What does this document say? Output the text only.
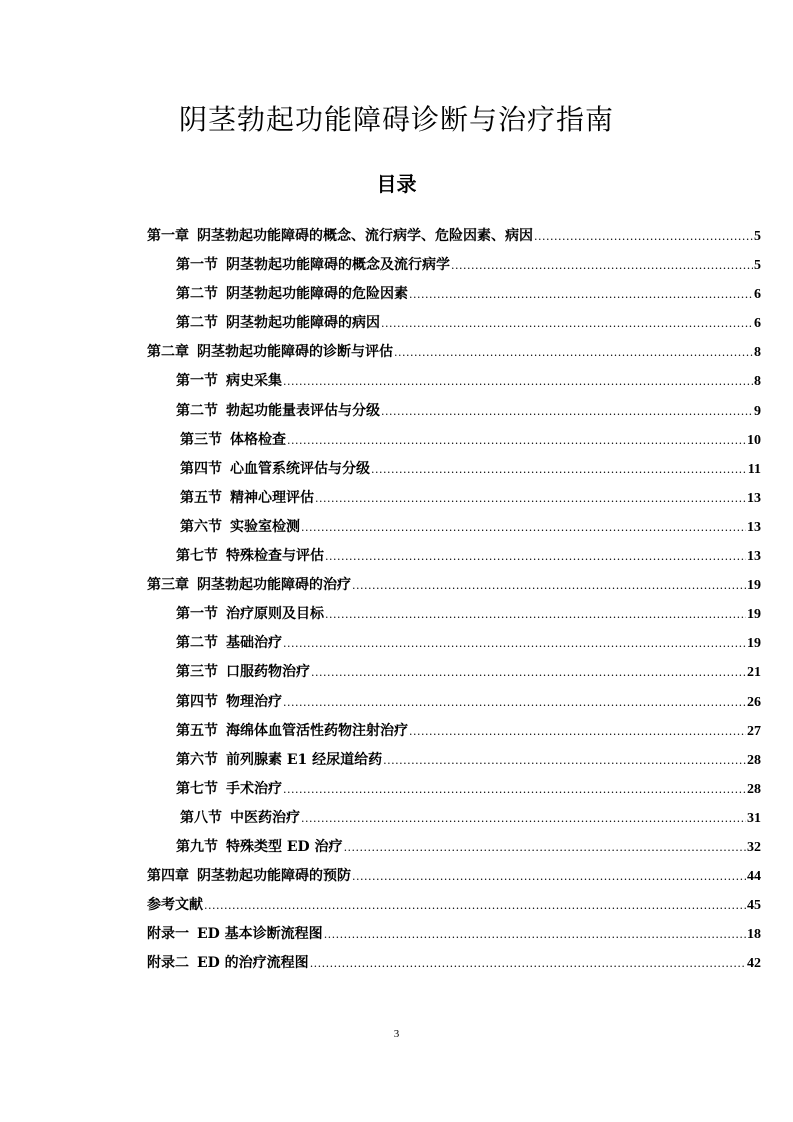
阴茎勃起功能障碍诊断与治疗指南
目录
第一章 阴茎勃起功能障碍的概念、流行病学、危险因素、病因 .....	5
第一节 阴茎勃起功能障碍的概念及流行病学 .....	5
第二节 阴茎勃起功能障碍的危险因素 .....	6
第二节 阴茎勃起功能障碍的病因 .....	6
第二章 阴茎勃起功能障碍的诊断与评估 .....	8
第一节 病史采集 .....	8
第二节 勃起功能量表评估与分级 .....	9
第三节 体格检查 .....	10
第四节 心血管系统评估与分级 .....	11
第五节 精神心理评估 .....	13
第六节 实验室检测 .....	13
第七节 特殊检查与评估 .....	13
第三章 阴茎勃起功能障碍的治疗 .....	19
第一节 治疗原则及目标 .....	19
第二节 基础治疗 .....	19
第三节 口服药物治疗 .....	21
第四节 物理治疗 .....	26
第五节 海绵体血管活性药物注射治疗 .....	27
第六节 前列腺素 E1 经尿道给药 .....	28
第七节 手术治疗 .....	28
第八节 中医药治疗 .....	31
第九节 特殊类型 ED 治疗 .....	32
第四章 阴茎勃起功能障碍的预防 .....	44
参考文献 .....	45
附录一 ED 基本诊断流程图 .....	18
附录二 ED 的治疗流程图 .....	42
3
